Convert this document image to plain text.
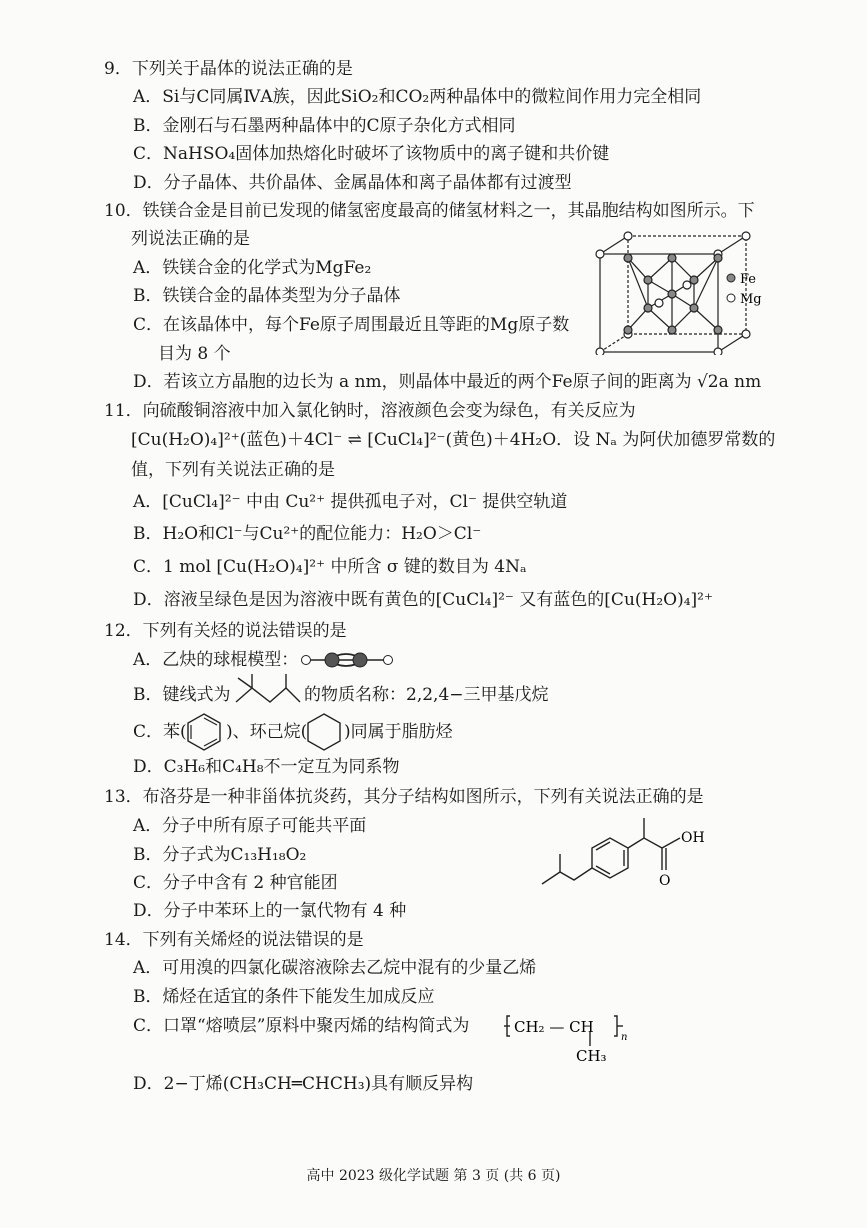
9．下列关于晶体的说法正确的是
A．Si与C同属ⅣA族，因此SiO₂和CO₂两种晶体中的微粒间作用力完全相同
B．金刚石与石墨两种晶体中的C原子杂化方式相同
C．NaHSO₄固体加热熔化时破坏了该物质中的离子键和共价键
D．分子晶体、共价晶体、金属晶体和离子晶体都有过渡型
10．铁镁合金是目前已发现的储氢密度最高的储氢材料之一，其晶胞结构如图所示。下
列说法正确的是
A．铁镁合金的化学式为MgFe₂
B．铁镁合金的晶体类型为分子晶体
C．在该晶体中，每个Fe原子周围最近且等距的Mg原子数
目为 8 个
D．若该立方晶胞的边长为 a nm，则晶体中最近的两个Fe原子间的距离为 √2a nm
Fe
Mg
11．向硫酸铜溶液中加入氯化钠时，溶液颜色会变为绿色，有关反应为
[Cu(H₂O)₄]²⁺(蓝色)＋4Cl⁻ ⇌ [CuCl₄]²⁻(黄色)＋4H₂O．设 Nₐ 为阿伏加德罗常数的
值，下列有关说法正确的是
A．[CuCl₄]²⁻ 中由 Cu²⁺ 提供孤电子对，Cl⁻ 提供空轨道
B．H₂O和Cl⁻与Cu²⁺的配位能力：H₂O＞Cl⁻
C．1 mol [Cu(H₂O)₄]²⁺ 中所含 σ 键的数目为 4Nₐ
D．溶液呈绿色是因为溶液中既有黄色的[CuCl₄]²⁻ 又有蓝色的[Cu(H₂O)₄]²⁺
12．下列有关烃的说法错误的是
A．乙炔的球棍模型：
B．键线式为	的物质名称：2,2,4−三甲基戊烷
C．苯( )、环己烷( )同属于脂肪烃
D．C₃H₆和C₄H₈不一定互为同系物
13．布洛芬是一种非甾体抗炎药，其分子结构如图所示，下列有关说法正确的是
A．分子中所有原子可能共平面
B．分子式为C₁₃H₁₈O₂
C．分子中含有 2 种官能团
D．分子中苯环上的一氯代物有 4 种
OH
O
14．下列有关烯烃的说法错误的是
A．可用溴的四氯化碳溶液除去乙烷中混有的少量乙烯
B．烯烃在适宜的条件下能发生加成反应
C．口罩“熔喷层”原料中聚丙烯的结构简式为	CH₂ — CH
n
CH₃
D．2−丁烯(CH₃CH═CHCH₃)具有顺反异构
高中 2023 级化学试题 第 3 页 (共 6 页)
